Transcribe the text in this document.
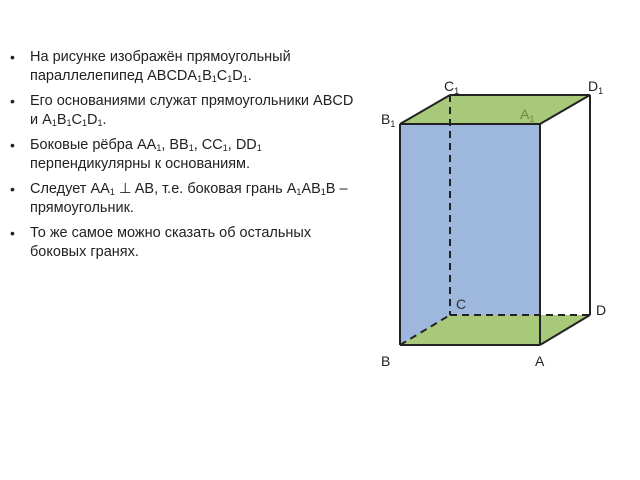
• На рисунке изображён прямоугольный параллелепипед $ABCDA_1B_1C_1D_1$.
• Его основаниями служат прямоугольники ABCD и $A_1B_1C_1D_1$.
• Боковые рёбра $AA_1$, $BB_1$, $CC_1$, $DD_1$ перпендикулярны к основаниям.
• Следует $AA_1$ ⊥ AB, т.е. боковая грань $A_1AB_1B$ – прямоугольник.
• То же самое можно сказать об остальных боковых гранях.
$C_1$	$D_1$
$B_1$
$A_1$
C	D
B	A
